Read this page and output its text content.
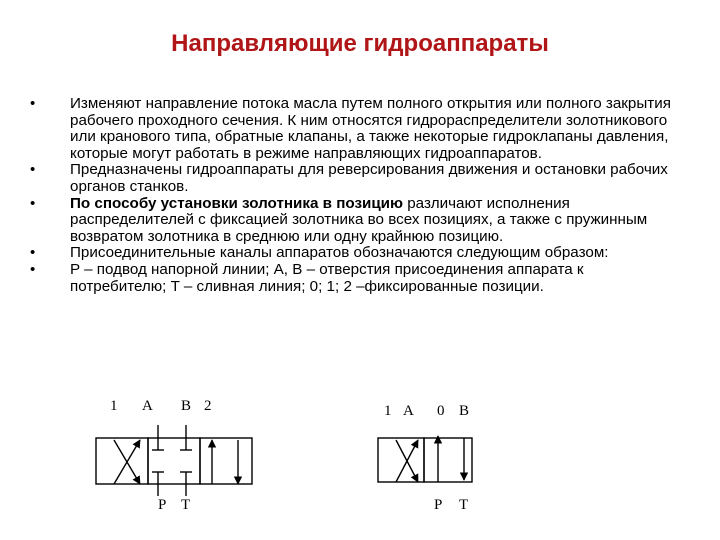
Направляющие гидроаппараты
• Изменяют направление потока масла путем полного открытия или полного закрытия рабочего проходного сечения. К ним относятся гидрораспределители золотникового или кранового типа, обратные клапаны, а также некоторые гидроклапаны давления, которые могут работать в режиме направляющих гидроаппаратов.
• Предназначены гидроаппараты для реверсирования движения и остановки рабочих органов станков.
• По способу установки золотника в позицию различают исполнения распределителей с фиксацией золотника во всех позициях, а также с пружинным возвратом золотника в среднюю или одну крайнюю позицию.
• Присоединительные каналы аппаратов обозначаются следующим образом:
• P – подвод напорной линии; A, B – отверстия присоединения аппарата к потребителю; T – сливная линия; 0; 1; 2 –фиксированные позиции.
1 A B 2
P T
1 A 0 B
P T
